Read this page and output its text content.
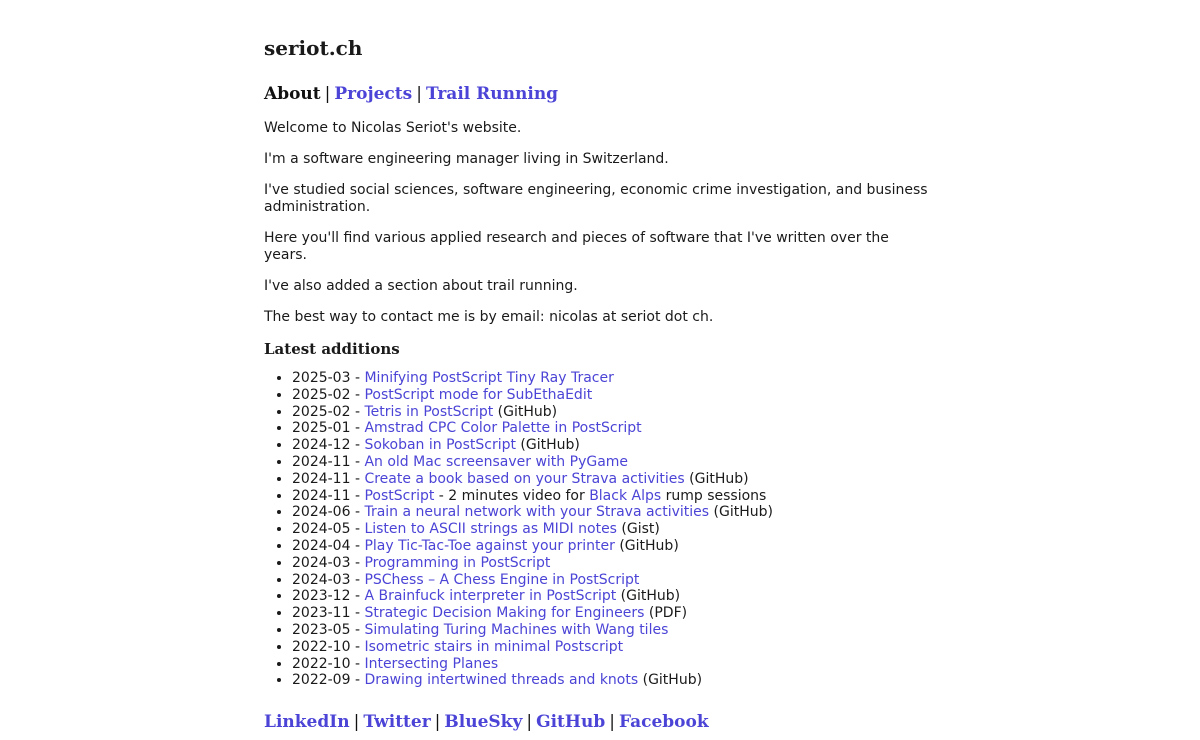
seriot.ch
About | Projects | Trail Running

Welcome to Nicolas Seriot's website.

I'm a software engineering manager living in Switzerland.

I've studied social sciences, software engineering, economic crime investigation, and business administration.

Here you'll find various applied research and pieces of software that I've written over the years.

I've also added a section about trail running.

The best way to contact me is by email: nicolas at seriot dot ch.

Latest additions
• 2025-03 - Minifying PostScript Tiny Ray Tracer
• 2025-02 - PostScript mode for SubEthaEdit
• 2025-02 - Tetris in PostScript (GitHub)
• 2025-01 - Amstrad CPC Color Palette in PostScript
• 2024-12 - Sokoban in PostScript (GitHub)
• 2024-11 - An old Mac screensaver with PyGame
• 2024-11 - Create a book based on your Strava activities (GitHub)
• 2024-11 - PostScript - 2 minutes video for Black Alps rump sessions
• 2024-06 - Train a neural network with your Strava activities (GitHub)
• 2024-05 - Listen to ASCII strings as MIDI notes (Gist)
• 2024-04 - Play Tic-Tac-Toe against your printer (GitHub)
• 2024-03 - Programming in PostScript
• 2024-03 - PSChess – A Chess Engine in PostScript
• 2023-12 - A Brainfuck interpreter in PostScript (GitHub)
• 2023-11 - Strategic Decision Making for Engineers (PDF)
• 2023-05 - Simulating Turing Machines with Wang tiles
• 2022-10 - Isometric stairs in minimal Postscript
• 2022-10 - Intersecting Planes
• 2022-09 - Drawing intertwined threads and knots (GitHub)
LinkedIn | Twitter | BlueSky | GitHub | Facebook
